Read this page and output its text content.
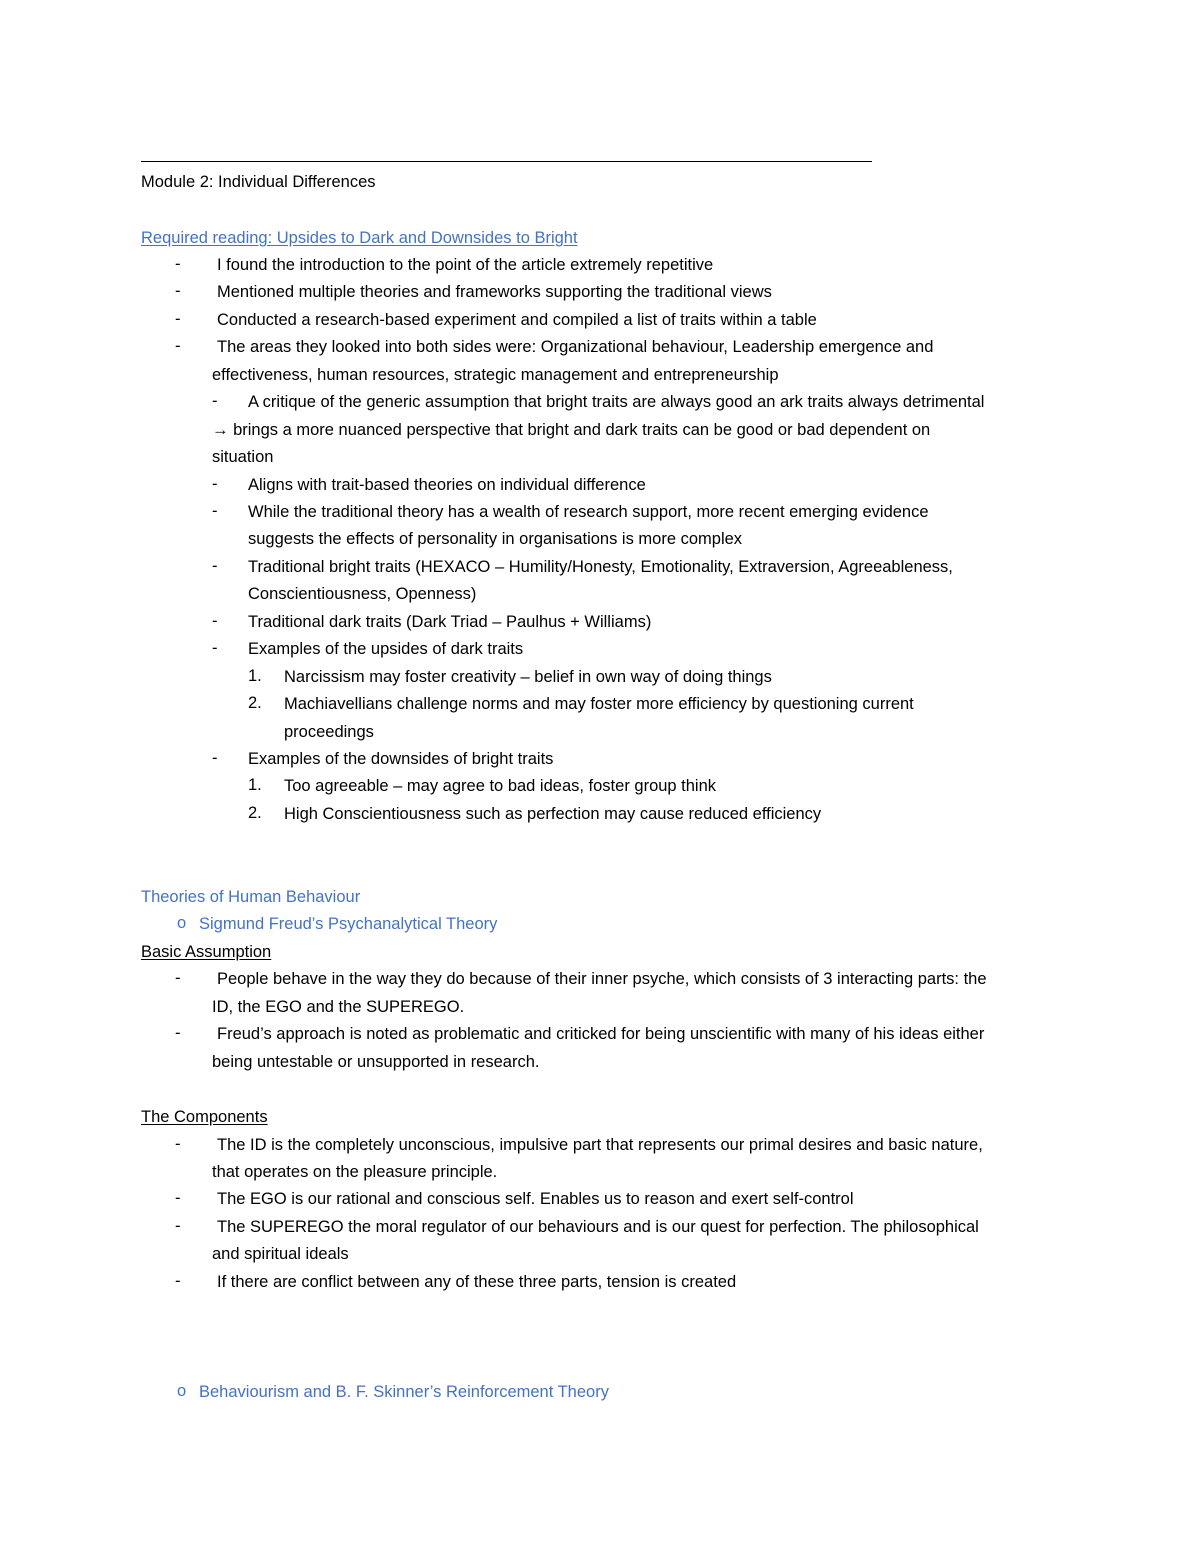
Module 2: Individual Differences
Required reading: Upsides to Dark and Downsides to Bright
- I found the introduction to the point of the article extremely repetitive
- Mentioned multiple theories and frameworks supporting the traditional views
- Conducted a research-based experiment and compiled a list of traits within a table
- The areas they looked into both sides were: Organizational behaviour, Leadership emergence and
effectiveness, human resources, strategic management and entrepreneurship
- A critique of the generic assumption that bright traits are always good an ark traits always detrimental
→ brings a more nuanced perspective that bright and dark traits can be good or bad dependent on
situation
- Aligns with trait-based theories on individual difference
- While the traditional theory has a wealth of research support, more recent emerging evidence
suggests the effects of personality in organisations is more complex
- Traditional bright traits (HEXACO – Humility/Honesty, Emotionality, Extraversion, Agreeableness,
Conscientiousness, Openness)
- Traditional dark traits (Dark Triad – Paulhus + Williams)
- Examples of the upsides of dark traits
1. Narcissism may foster creativity – belief in own way of doing things
2. Machiavellians challenge norms and may foster more efficiency by questioning current
proceedings
- Examples of the downsides of bright traits
1. Too agreeable – may agree to bad ideas, foster group think
2. High Conscientiousness such as perfection may cause reduced efficiency
Theories of Human Behaviour
o Sigmund Freud’s Psychanalytical Theory
Basic Assumption
- People behave in the way they do because of their inner psyche, which consists of 3 interacting parts: the
ID, the EGO and the SUPEREGO.
- Freud’s approach is noted as problematic and criticked for being unscientific with many of his ideas either
being untestable or unsupported in research.
The Components
- The ID is the completely unconscious, impulsive part that represents our primal desires and basic nature,
that operates on the pleasure principle.
- The EGO is our rational and conscious self. Enables us to reason and exert self-control
- The SUPEREGO the moral regulator of our behaviours and is our quest for perfection. The philosophical
and spiritual ideals
- If there are conflict between any of these three parts, tension is created
o Behaviourism and B. F. Skinner’s Reinforcement Theory
